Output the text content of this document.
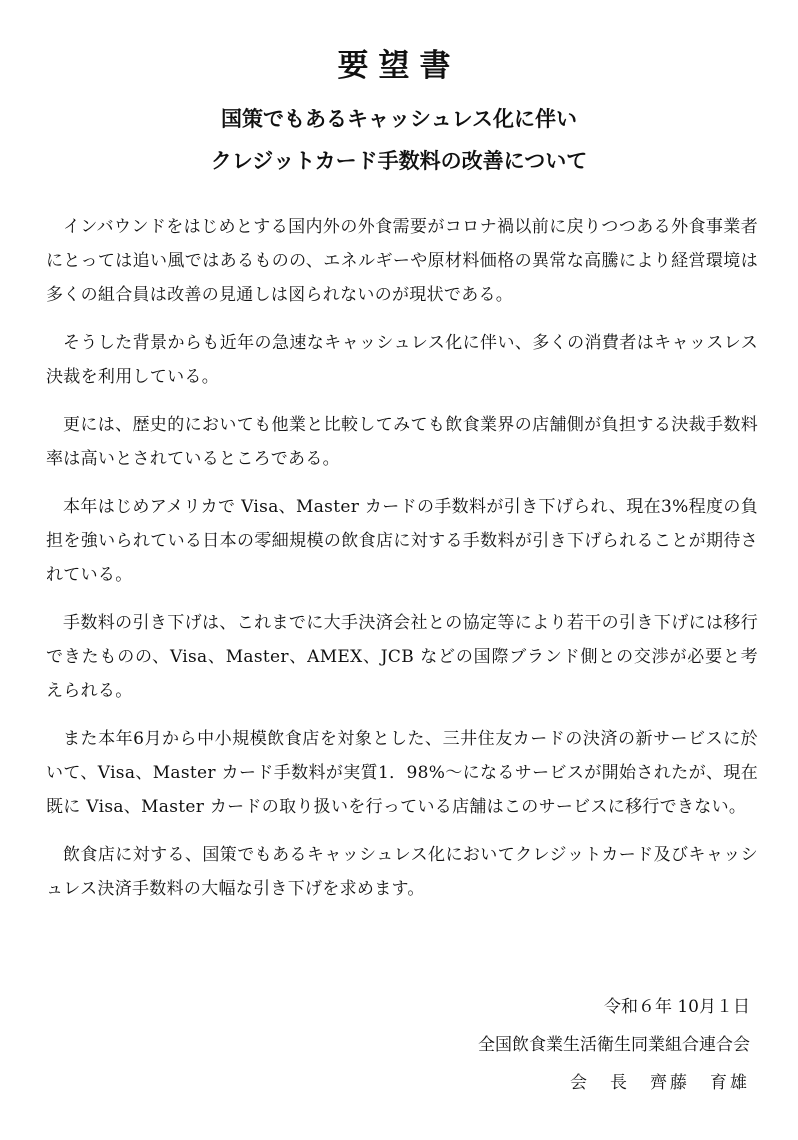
要望書
国策でもあるキャッシュレス化に伴い
クレジットカード手数料の改善について

インバウンドをはじめとする国内外の外食需要がコロナ禍以前に戻りつつある外食事業者にとっては追い風ではあるものの、エネルギーや原材料価格の異常な高騰により経営環境は多くの組合員は改善の見通しは図られないのが現状である。

そうした背景からも近年の急速なキャッシュレス化に伴い、多くの消費者はキャッスレス決裁を利用している。

更には、歴史的においても他業と比較してみても飲食業界の店舗側が負担する決裁手数料率は高いとされているところである。

本年はじめアメリカで Visa、Master カードの手数料が引き下げられ、現在3%程度の負担を強いられている日本の零細規模の飲食店に対する手数料が引き下げられることが期待されている。

手数料の引き下げは、これまでに大手決済会社との協定等により若干の引き下げには移行できたものの、Visa、Master、AMEX、JCB などの国際ブランド側との交渉が必要と考えられる。

また本年6月から中小規模飲食店を対象とした、三井住友カードの決済の新サービスに於いて、Visa、Master カード手数料が実質1．98%～になるサービスが開始されたが、現在既に Visa、Master カードの取り扱いを行っている店舗はこのサービスに移行できない。

飲食店に対する、国策でもあるキャッシュレス化においてクレジットカード及びキャッシュレス決済手数料の大幅な引き下げを求めます。

令和６年 10月１日
全国飲食業生活衛生同業組合連合会
会　長　齊藤　育雄
